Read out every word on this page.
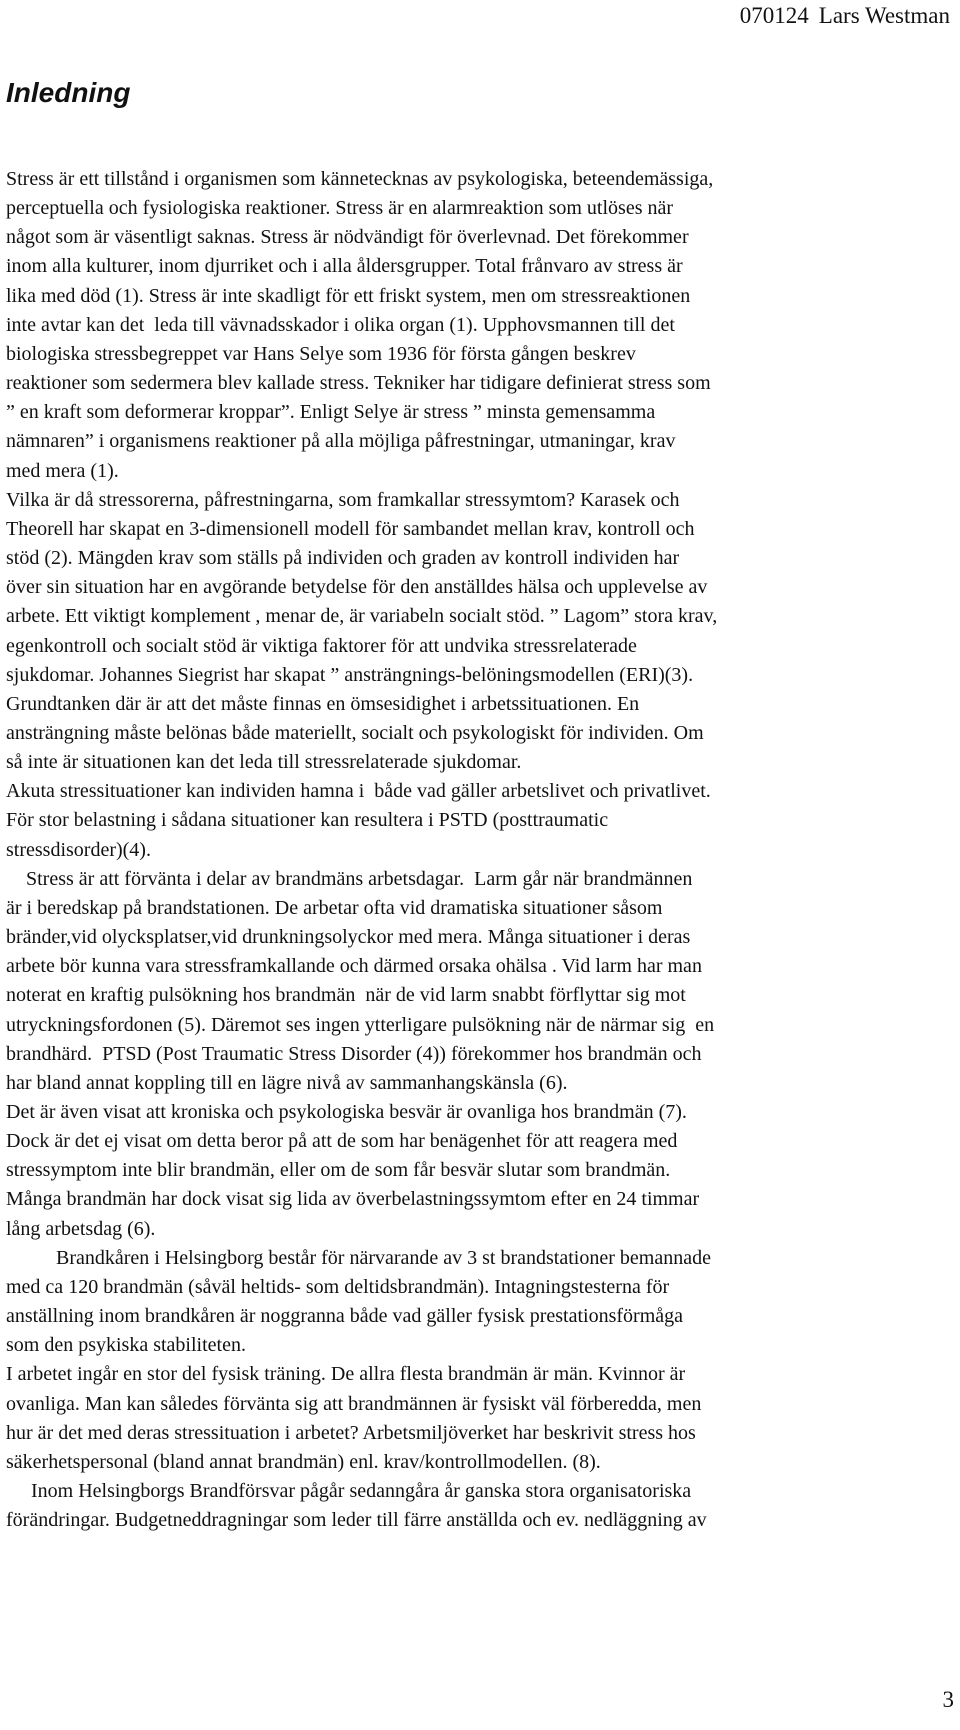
070124 Lars Westman
Inledning
Stress är ett tillstånd i organismen som kännetecknas av psykologiska, beteendemässiga,
perceptuella och fysiologiska reaktioner. Stress är en alarmreaktion som utlöses när
något som är väsentligt saknas. Stress är nödvändigt för överlevnad. Det förekommer
inom alla kulturer, inom djurriket och i alla åldersgrupper. Total frånvaro av stress är
lika med död (1). Stress är inte skadligt för ett friskt system, men om stressreaktionen
inte avtar kan det  leda till vävnadsskador i olika organ (1). Upphovsmannen till det
biologiska stressbegreppet var Hans Selye som 1936 för första gången beskrev
reaktioner som sedermera blev kallade stress. Tekniker har tidigare definierat stress som
” en kraft som deformerar kroppar”. Enligt Selye är stress ” minsta gemensamma
nämnaren” i organismens reaktioner på alla möjliga påfrestningar, utmaningar, krav
med mera (1).
Vilka är då stressorerna, påfrestningarna, som framkallar stressymtom? Karasek och
Theorell har skapat en 3-dimensionell modell för sambandet mellan krav, kontroll och
stöd (2). Mängden krav som ställs på individen och graden av kontroll individen har
över sin situation har en avgörande betydelse för den anställdes hälsa och upplevelse av
arbete. Ett viktigt komplement , menar de, är variabeln socialt stöd. ” Lagom” stora krav,
egenkontroll och socialt stöd är viktiga faktorer för att undvika stressrelaterade
sjukdomar. Johannes Siegrist har skapat ” ansträngnings-belöningsmodellen (ERI)(3).
Grundtanken där är att det måste finnas en ömsesidighet i arbetssituationen. En
ansträngning måste belönas både materiellt, socialt och psykologiskt för individen. Om
så inte är situationen kan det leda till stressrelaterade sjukdomar.
Akuta stressituationer kan individen hamna i  både vad gäller arbetslivet och privatlivet.
För stor belastning i sådana situationer kan resultera i PSTD (posttraumatic
stressdisorder)(4).
Stress är att förvänta i delar av brandmäns arbetsdagar.  Larm går när brandmännen
är i beredskap på brandstationen. De arbetar ofta vid dramatiska situationer såsom
bränder,vid olycksplatser,vid drunkningsolyckor med mera. Många situationer i deras
arbete bör kunna vara stressframkallande och därmed orsaka ohälsa . Vid larm har man
noterat en kraftig pulsökning hos brandmän  när de vid larm snabbt förflyttar sig mot
utryckningsfordonen (5). Däremot ses ingen ytterligare pulsökning när de närmar sig  en
brandhärd.  PTSD (Post Traumatic Stress Disorder (4)) förekommer hos brandmän och
har bland annat koppling till en lägre nivå av sammanhangskänsla (6).
Det är även visat att kroniska och psykologiska besvär är ovanliga hos brandmän (7).
Dock är det ej visat om detta beror på att de som har benägenhet för att reagera med
stressymptom inte blir brandmän, eller om de som får besvär slutar som brandmän.
Många brandmän har dock visat sig lida av överbelastningssymtom efter en 24 timmar
lång arbetsdag (6).
Brandkåren i Helsingborg består för närvarande av 3 st brandstationer bemannade
med ca 120 brandmän (såväl heltids- som deltidsbrandmän). Intagningstesterna för
anställning inom brandkåren är noggranna både vad gäller fysisk prestationsförmåga
som den psykiska stabiliteten.
I arbetet ingår en stor del fysisk träning. De allra flesta brandmän är män. Kvinnor är
ovanliga. Man kan således förvänta sig att brandmännen är fysiskt väl förberedda, men
hur är det med deras stressituation i arbetet? Arbetsmiljöverket har beskrivit stress hos
säkerhetspersonal (bland annat brandmän) enl. krav/kontrollmodellen. (8).
Inom Helsingborgs Brandförsvar pågår sedanngåra år ganska stora organisatoriska
förändringar. Budgetneddragningar som leder till färre anställda och ev. nedläggning av
3
